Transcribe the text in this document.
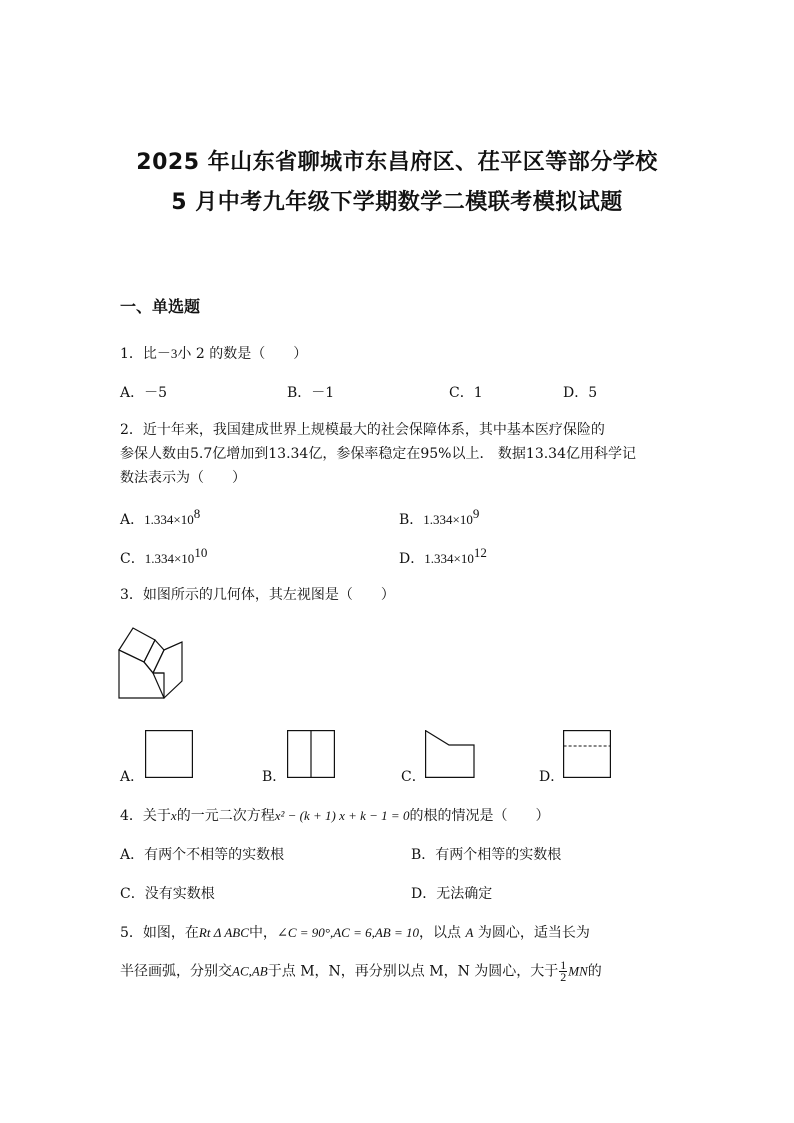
2025 年山东省聊城市东昌府区、茌平区等部分学校
5 月中考九年级下学期数学二模联考模拟试题
一、单选题
1．比－3小 2 的数是（　　）
A．－5	B．－1	C．1	D．5
2．近十年来，我国建成世界上规模最大的社会保障体系，其中基本医疗保险的
参保人数由5.7亿增加到13.34亿，参保率稳定在95%以上． 数据13.34亿用科学记
数法表示为（　　）
A．$1.334\times 10^8$	B．$1.334\times 10^9$
C．$1.334\times 10^{10}$	D．$1.334\times 10^{12}$
3．如图所示的几何体，其左视图是（　　）
A．	B．	C．	D．
4．关于x的一元二次方程x² − (k + 1) x + k − 1 = 0的根的情况是（　　）
A．有两个不相等的实数根	B．有两个相等的实数根
C．没有实数根	D．无法确定
5．如图，在Rt Δ ABC中，∠C = 90°,AC = 6,AB = 10，以点 A 为圆心，适当长为
半径画弧，分别交AC,AB于点 M，N，再分别以点 M，N 为圆心，大于 $\frac{1}{2}$ MN的
